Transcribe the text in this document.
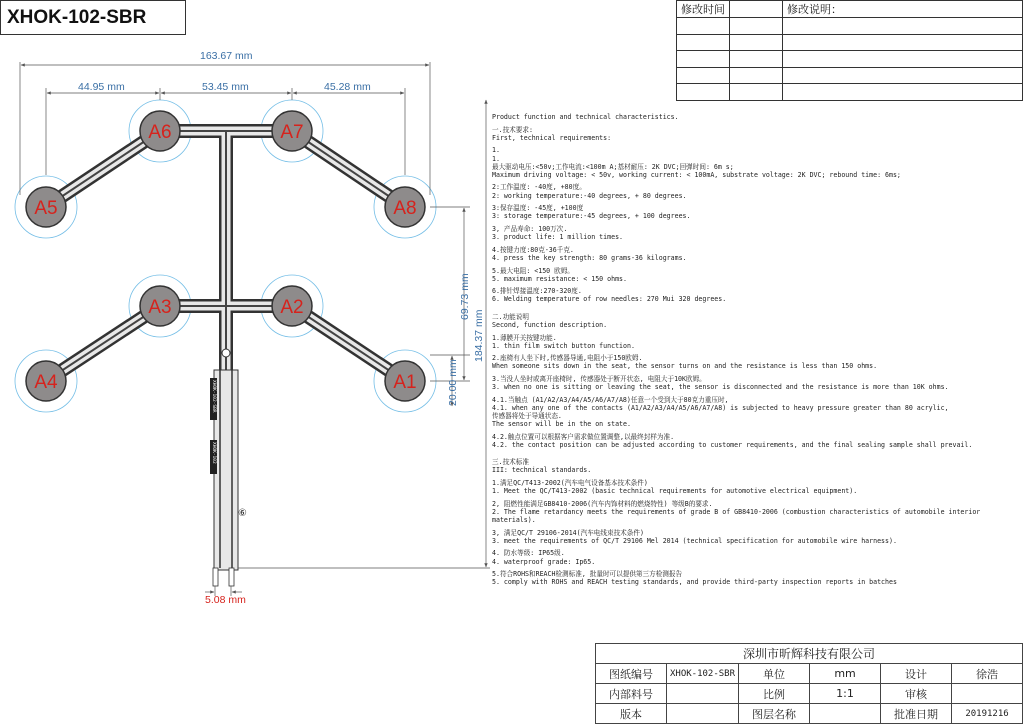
XHOK-102-SBR	修改时间		修改说明：

XHOK-102-SBR
XHOK-102
⑥
A1
A2
A3
A4
A5
A6	A7
A8
163.67 mm
44.95 mm	53.45 mm	45.28 mm
69.73 mm
184.37 mm
20.00 mm
5.08 mm
Product function and technical characteristics.
一.技术要求:
First, technical requirements:
1.
1.
最大驱动电压:<50v;工作电流:<100m A;基材耐压: 2K DVC;回弹时间: 6m s;
Maximum driving voltage: < 50v, working current: < 100mA, substrate voltage: 2K DVC; rebound time: 6ms;
2:工作温度: -40度, +80度。
2: working temperature:-40 degrees, + 80 degrees.
3:保存温度: -45度, +100度
3: storage temperature:-45 degrees, + 100 degrees.
3, 产品寿命: 100万次.
3. product life: 1 million times.
4.按键力度:80克-36千克.
4. press the key strength: 80 grams-36 kilograms.
5.最大电阻: <150 欧姆。
5. maximum resistance: < 150 ohms.
6.排针焊接温度:270-320度.
6. Welding temperature of row needles: 270 Mui 320 degrees.
二.功能说明
Second, function description.
1.薄膜开关按键功能.
1. thin film switch button function.
2.座椅有人坐下时,传感器导通,电阻小于150欧姆.
When someone sits down in the seat, the sensor turns on and the resistance is less than 150 ohms.
3.当没人坐时或离开座椅时, 传感器处于断开状态, 电阻大于10K欧姆。
3. when no one is sitting or leaving the seat, the sensor is disconnected and the resistance is more than 10K ohms.
4.1.当触点 (A1/A2/A3/A4/A5/A6/A7/A8)任意一个受到大于80克力重压时,
4.1. when any one of the contacts (A1/A2/A3/A4/A5/A6/A7/A8) is subjected to heavy pressure greater than 80 acrylic,
传感器将处于导通状态.
The sensor will be in the on state.
4.2.触点位置可以根据客户需求做位置调整,以最终封样为准.
4.2. the contact position can be adjusted according to customer requirements, and the final sealing sample shall prevail.
三.技术标准
III: technical standards.
1.满足QC/T413-2002(汽车电气设备基本技术条件)
1. Meet the QC/T413-2002 (basic technical requirements for automotive electrical equipment).
2, 阻燃性能满足GB8410-2006(汽车内饰材料的燃烧特性) 等级B的要求.
2. The flame retardancy meets the requirements of grade B of GB8410-2006 (combustion characteristics of automobile interior
materials).
3, 满足QC/T 29106-2014(汽车电线束技术条件)
3. meet the requirements of QC/T 29106 Mel 2014 (technical specification for automobile wire harness).
4. 防水等级: IP65级.
4. waterproof grade: Ip65.
5.符合ROHS和REACH检测标准, 批量时可以提供第三方检测报告
5. comply with ROHS and REACH testing standards, and provide third-party inspection reports in batches
深圳市昕辉科技有限公司					
图纸编号	XHOK-102-SBR	单位	mm	设计	徐浩
内部料号		比例	1:1	审核	
版本		图层名称		批准日期	20191216
